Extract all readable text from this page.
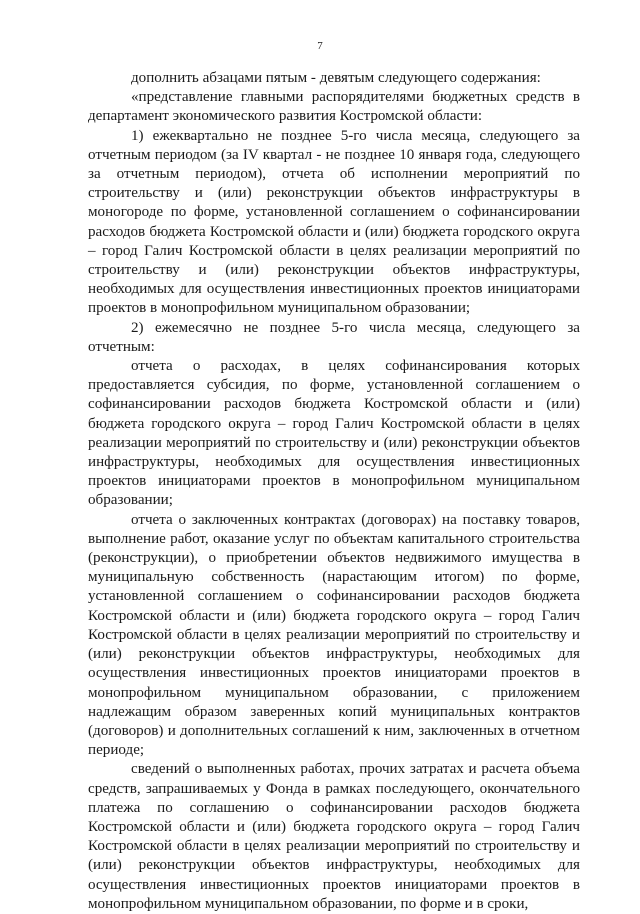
7

дополнить абзацами пятым - девятым следующего содержания:

«представление главными распорядителями бюджетных средств в департамент экономического развития Костромской области:

1) ежеквартально не позднее 5-го числа месяца, следующего за отчетным периодом (за IV квартал - не позднее 10 января года, следующего за отчетным периодом), отчета об исполнении мероприятий по строительству и (или) реконструкции объектов инфраструктуры в моногороде по форме, установленной соглашением о софинансировании расходов бюджета Костромской области и (или) бюджета городского округа – город Галич Костромской области в целях реализации мероприятий по строительству и (или) реконструкции объектов инфраструктуры, необходимых для осуществления инвестиционных проектов инициаторами проектов в монопрофильном муниципальном образовании;

2) ежемесячно не позднее 5-го числа месяца, следующего за отчетным:

отчета о расходах, в целях софинансирования которых предоставляется субсидия, по форме, установленной соглашением о софинансировании расходов бюджета Костромской области и (или) бюджета городского округа – город Галич Костромской области в целях реализации мероприятий по строительству и (или) реконструкции объектов инфраструктуры, необходимых для осуществления инвестиционных проектов инициаторами проектов в монопрофильном муниципальном образовании;

отчета о заключенных контрактах (договорах) на поставку товаров, выполнение работ, оказание услуг по объектам капитального строительства (реконструкции), о приобретении объектов недвижимого имущества в муниципальную собственность (нарастающим итогом) по форме, установленной соглашением о софинансировании расходов бюджета Костромской области и (или) бюджета городского округа – город Галич Костромской области в целях реализации мероприятий по строительству и (или) реконструкции объектов инфраструктуры, необходимых для осуществления инвестиционных проектов инициаторами проектов в монопрофильном муниципальном образовании, с приложением надлежащим образом заверенных копий муниципальных контрактов (договоров) и дополнительных соглашений к ним, заключенных в отчетном периоде;

сведений о выполненных работах, прочих затратах и расчета объема средств, запрашиваемых у Фонда в рамках последующего, окончательного платежа по соглашению о софинансировании расходов бюджета Костромской области и (или) бюджета городского округа – город Галич Костромской области в целях реализации мероприятий по строительству и (или) реконструкции объектов инфраструктуры, необходимых для осуществления инвестиционных проектов инициаторами проектов в монопрофильном муниципальном образовании, по форме и в сроки,
